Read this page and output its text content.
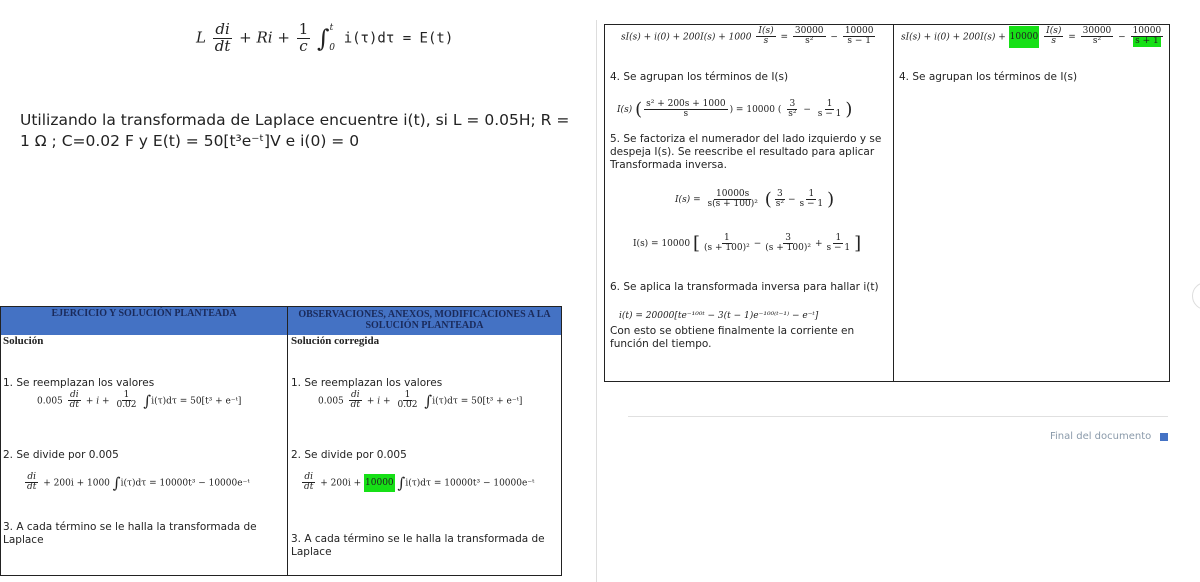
L $\frac{di}{dt} + Ri + \frac{1}{c} \int^t_0$ i(τ)dτ = E(t)
Utilizando la transformada de Laplace encuentre i(t), si L = 0.05H; R =
1 Ω ; C=0.02 F y E(t) = 50[t³e⁻ᵗ]V e i(0) = 0
EJERCICIO Y SOLUCIÓN PLANTEADA	OBSERVACIONES, ANEXOS, MODIFICACIONES A LA SOLUCIÓN PLANTEADA
Solución
1. Se reemplazan los valores
$0.005 \frac{di}{dt} + i + \frac{1}{0.02} \int i(\tau)d\tau = 50[t^3$ + e⁻ᵗ]
2. Se divide por 0.005
$\frac{di}{dt} + 200i + 1000$ ∫i(τ)dτ = 10000t³ − 10000e⁻ᵗ
3. A cada término se le halla la transformada de
Laplace
Solución corregida
1. Se reemplazan los valores
$0.005 \frac{di}{dt} + i + \frac{1}{0.02} \int i(\tau)d\tau = 50[t^3$ + e⁻ᵗ]
2. Se divide por 0.005
$\frac{di}{dt} + 200i + 10000$ ∫i(τ)dτ = 10000t³ − 10000e⁻ᵗ
3. A cada término se le halla la transformada de
Laplace
$sI(s) + i(0) + 200I(s) + 1000 \frac{I(s)}{s} = \frac{30000}{\text{s²}} - \frac{10000}{s - 1}$
4. Se agrupan los términos de I(s)
I(s) ( $\frac{\text{s² + 200s + 1000}}{s}$ ) = 10000 ( $\frac{3}{\text{s²}} - \frac{1}{s - 1}$ )
5. Se factoriza el numerador del lado izquierdo y se despeja I(s). Se reescribe el resultado para aplicar Transformada inversa.
$I(s) = \frac{10000s}{\text{s(s + 100)²}}$ ( $\frac{3}{\text{s²}} - \frac{1}{s - 1}$ )
I(s) = 10000 [ $\frac{1}{\text{(s + 100)²}} - \frac{3}{\text{(s + 100)²}} + \frac{1}{s - 1}$ ]
6. Se aplica la transformada inversa para hallar i(t)
i(t) = 20000[te⁻¹⁰⁰ᵗ − 3(t − 1)e⁻¹⁰⁰⁽ᵗ⁻¹⁾ − e⁻ᵗ]
Con esto se obtiene finalmente la corriente en función del tiempo.
$sI(s) + i(0) + 200I(s) + 10000 \frac{I(s)}{s} = \frac{30000}{\text{s²}} - \frac{10000}{s + 1}$
4. Se agrupan los términos de I(s)
Final del documento
